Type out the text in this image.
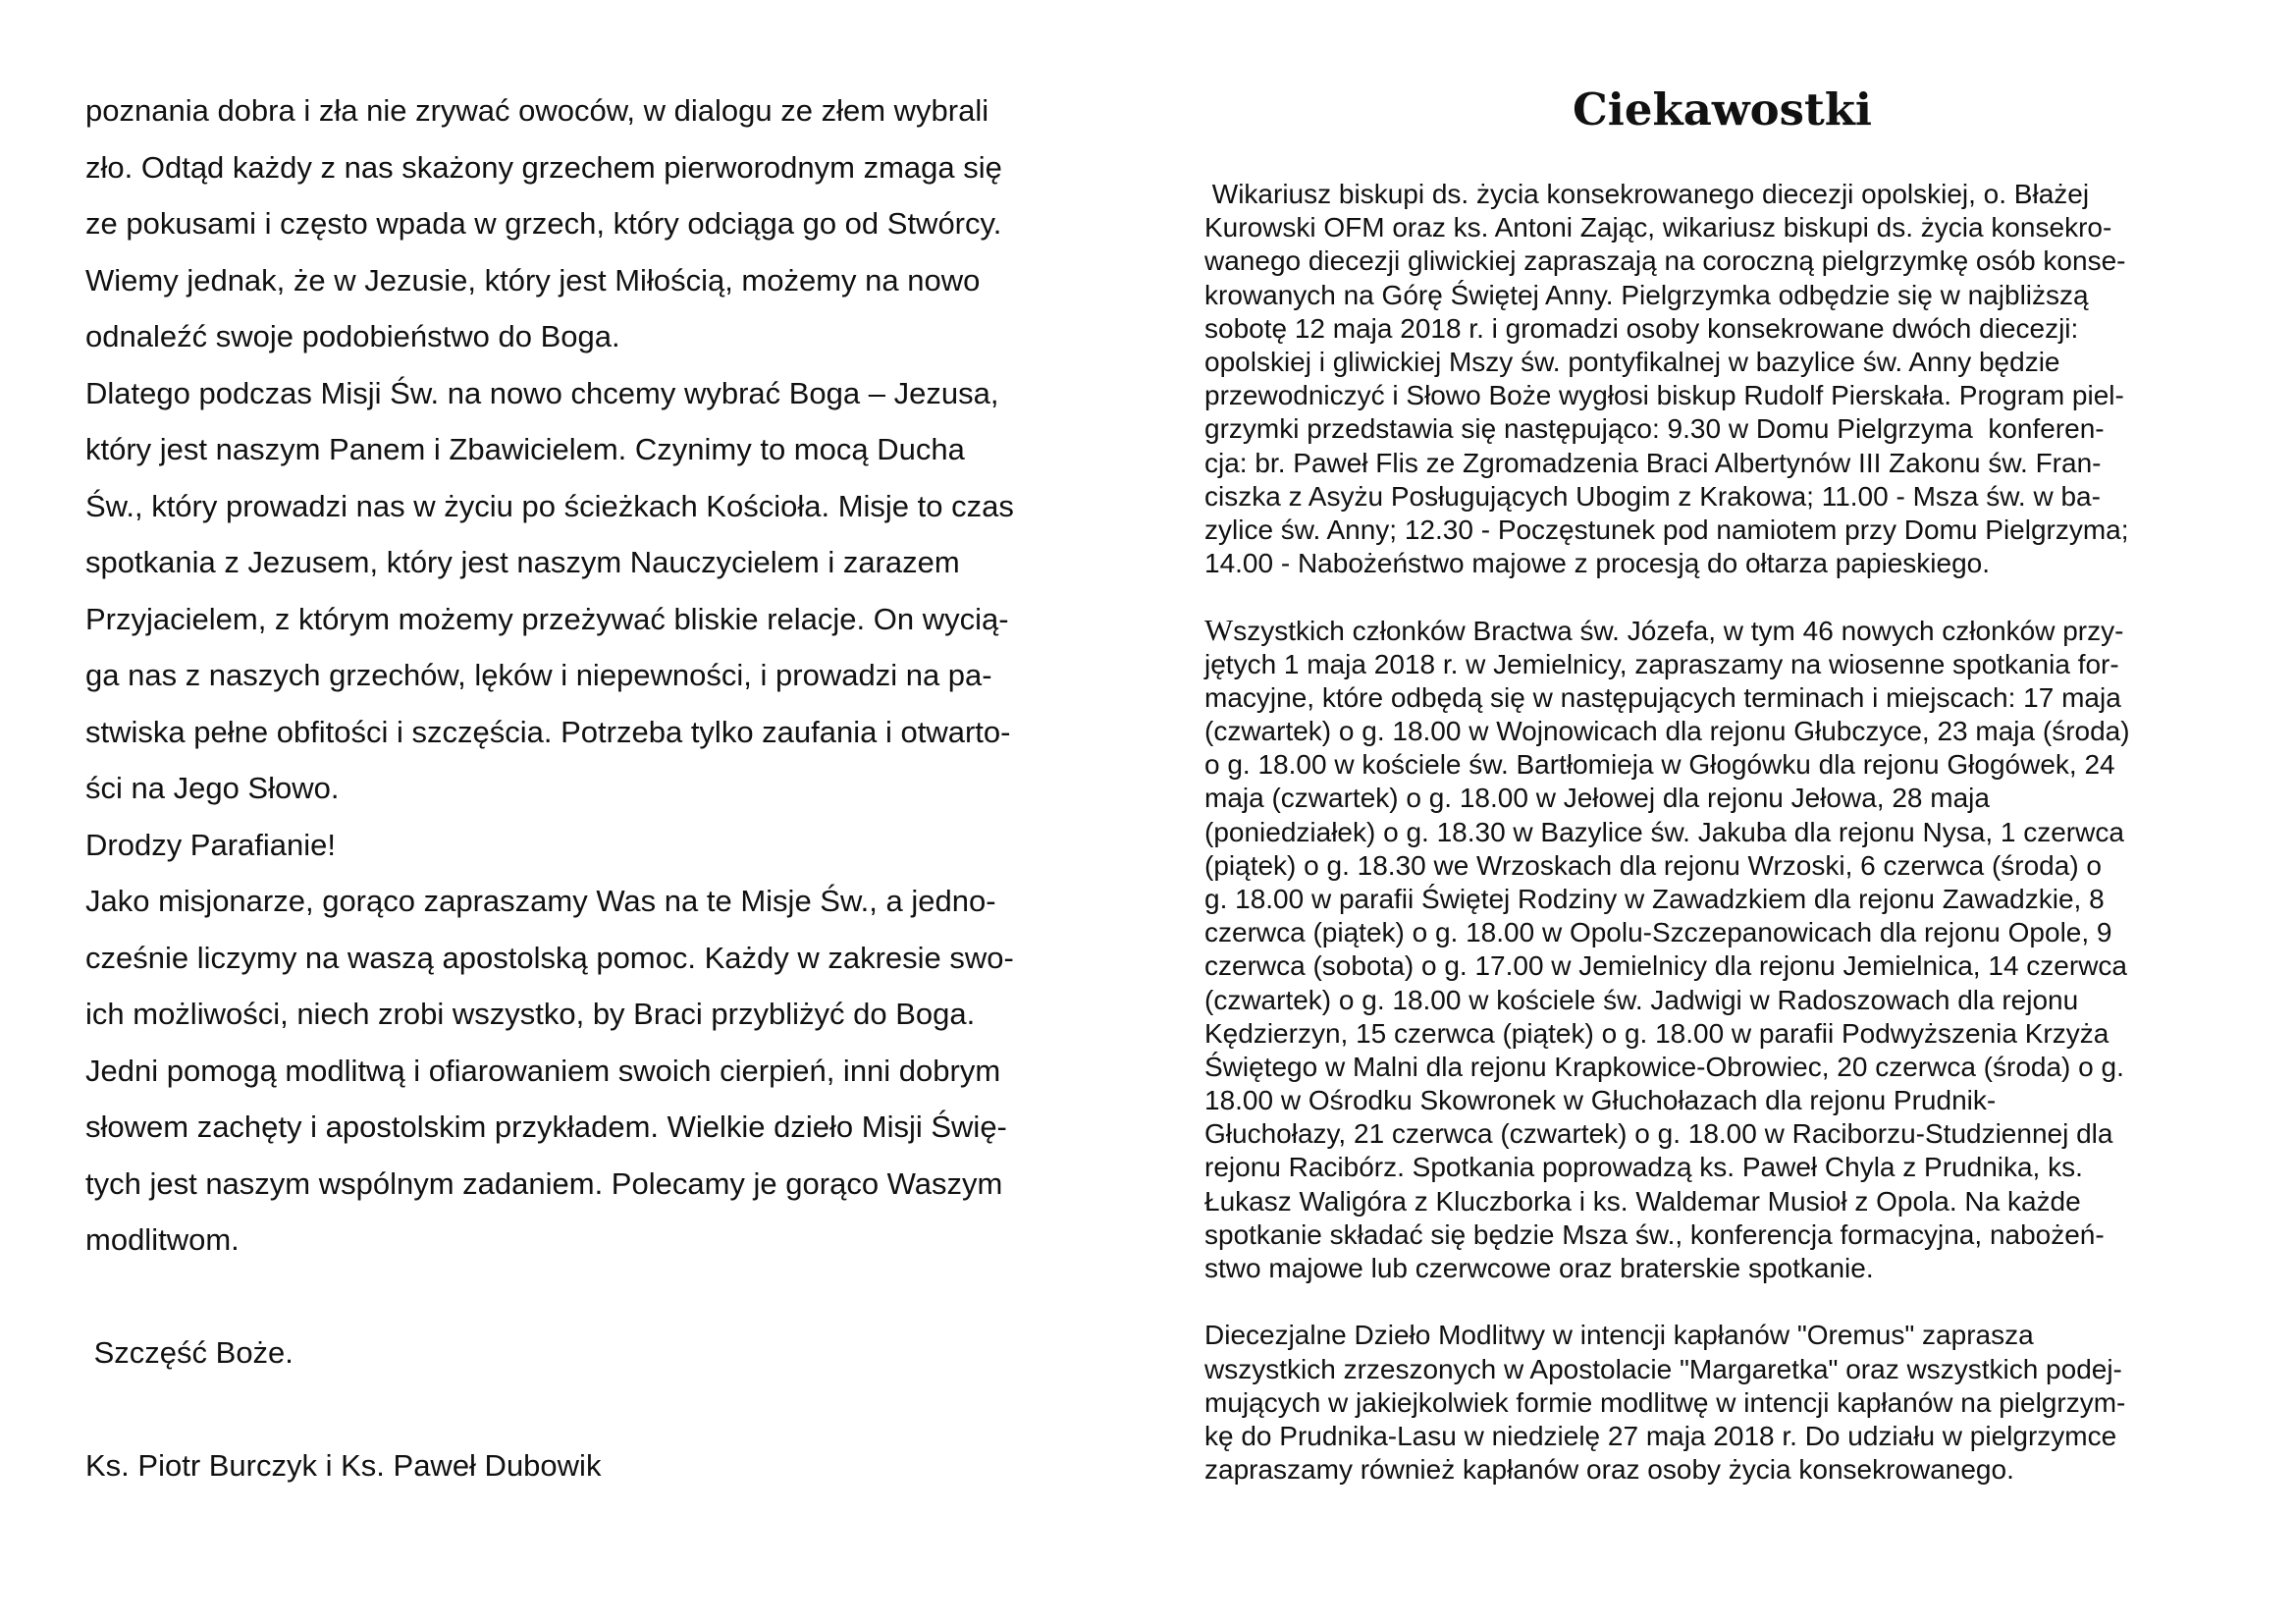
poznania dobra i zła nie zrywać owoców, w dialogu ze złem wybrali
zło. Odtąd każdy z nas skażony grzechem pierworodnym zmaga się
ze pokusami i często wpada w grzech, który odciąga go od Stwórcy.
Wiemy jednak, że w Jezusie, który jest Miłością, możemy na nowo
odnaleźć swoje podobieństwo do Boga.
Dlatego podczas Misji Św. na nowo chcemy wybrać Boga – Jezusa,
który jest naszym Panem i Zbawicielem. Czynimy to mocą Ducha
Św., który prowadzi nas w życiu po ścieżkach Kościoła. Misje to czas
spotkania z Jezusem, który jest naszym Nauczycielem i zarazem
Przyjacielem, z którym możemy przeżywać bliskie relacje. On wycią-
ga nas z naszych grzechów, lęków i niepewności, i prowadzi na pa-
stwiska pełne obfitości i szczęścia. Potrzeba tylko zaufania i otwarto-
ści na Jego Słowo.
Drodzy Parafianie!
Jako misjonarze, gorąco zapraszamy Was na te Misje Św., a jedno-
cześnie liczymy na waszą apostolską pomoc. Każdy w zakresie swo-
ich możliwości, niech zrobi wszystko, by Braci przybliżyć do Boga.
Jedni pomogą modlitwą i ofiarowaniem swoich cierpień, inni dobrym
słowem zachęty i apostolskim przykładem. Wielkie dzieło Misji Świę-
tych jest naszym wspólnym zadaniem. Polecamy je gorąco Waszym
modlitwom.
Szczęść Boże.
Ks. Piotr Burczyk i Ks. Paweł Dubowik
Ciekawostki
Wikariusz biskupi ds. życia konsekrowanego diecezji opolskiej, o. Błażej
Kurowski OFM oraz ks. Antoni Zając, wikariusz biskupi ds. życia konsekro-
wanego diecezji gliwickiej zapraszają na coroczną pielgrzymkę osób konse-
krowanych na Górę Świętej Anny. Pielgrzymka odbędzie się w najbliższą
sobotę 12 maja 2018 r. i gromadzi osoby konsekrowane dwóch diecezji:
opolskiej i gliwickiej Mszy św. pontyfikalnej w bazylice św. Anny będzie
przewodniczyć i Słowo Boże wygłosi biskup Rudolf Pierskała. Program piel-
grzymki przedstawia się następująco: 9.30 w Domu Pielgrzyma  konferen-
cja: br. Paweł Flis ze Zgromadzenia Braci Albertynów III Zakonu św. Fran-
ciszka z Asyżu Posługujących Ubogim z Krakowa; 11.00 - Msza św. w ba-
zylice św. Anny; 12.30 - Poczęstunek pod namiotem przy Domu Pielgrzyma;
14.00 - Nabożeństwo majowe z procesją do ołtarza papieskiego.
Wszystkich członków Bractwa św. Józefa, w tym 46 nowych członków przy-
jętych 1 maja 2018 r. w Jemielnicy, zapraszamy na wiosenne spotkania for-
macyjne, które odbędą się w następujących terminach i miejscach: 17 maja
(czwartek) o g. 18.00 w Wojnowicach dla rejonu Głubczyce, 23 maja (środa)
o g. 18.00 w kościele św. Bartłomieja w Głogówku dla rejonu Głogówek, 24
maja (czwartek) o g. 18.00 w Jełowej dla rejonu Jełowa, 28 maja
(poniedziałek) o g. 18.30 w Bazylice św. Jakuba dla rejonu Nysa, 1 czerwca
(piątek) o g. 18.30 we Wrzoskach dla rejonu Wrzoski, 6 czerwca (środa) o
g. 18.00 w parafii Świętej Rodziny w Zawadzkiem dla rejonu Zawadzkie, 8
czerwca (piątek) o g. 18.00 w Opolu-Szczepanowicach dla rejonu Opole, 9
czerwca (sobota) o g. 17.00 w Jemielnicy dla rejonu Jemielnica, 14 czerwca
(czwartek) o g. 18.00 w kościele św. Jadwigi w Radoszowach dla rejonu
Kędzierzyn, 15 czerwca (piątek) o g. 18.00 w parafii Podwyższenia Krzyża
Świętego w Malni dla rejonu Krapkowice-Obrowiec, 20 czerwca (środa) o g.
18.00 w Ośrodku Skowronek w Głuchołazach dla rejonu Prudnik-
Głuchołazy, 21 czerwca (czwartek) o g. 18.00 w Raciborzu-Studziennej dla
rejonu Racibórz. Spotkania poprowadzą ks. Paweł Chyla z Prudnika, ks.
Łukasz Waligóra z Kluczborka i ks. Waldemar Musioł z Opola. Na każde
spotkanie składać się będzie Msza św., konferencja formacyjna, nabożeń-
stwo majowe lub czerwcowe oraz braterskie spotkanie.
Diecezjalne Dzieło Modlitwy w intencji kapłanów "Oremus" zaprasza
wszystkich zrzeszonych w Apostolacie "Margaretka" oraz wszystkich podej-
mujących w jakiejkolwiek formie modlitwę w intencji kapłanów na pielgrzym-
kę do Prudnika-Lasu w niedzielę 27 maja 2018 r. Do udziału w pielgrzymce
zapraszamy również kapłanów oraz osoby życia konsekrowanego.
